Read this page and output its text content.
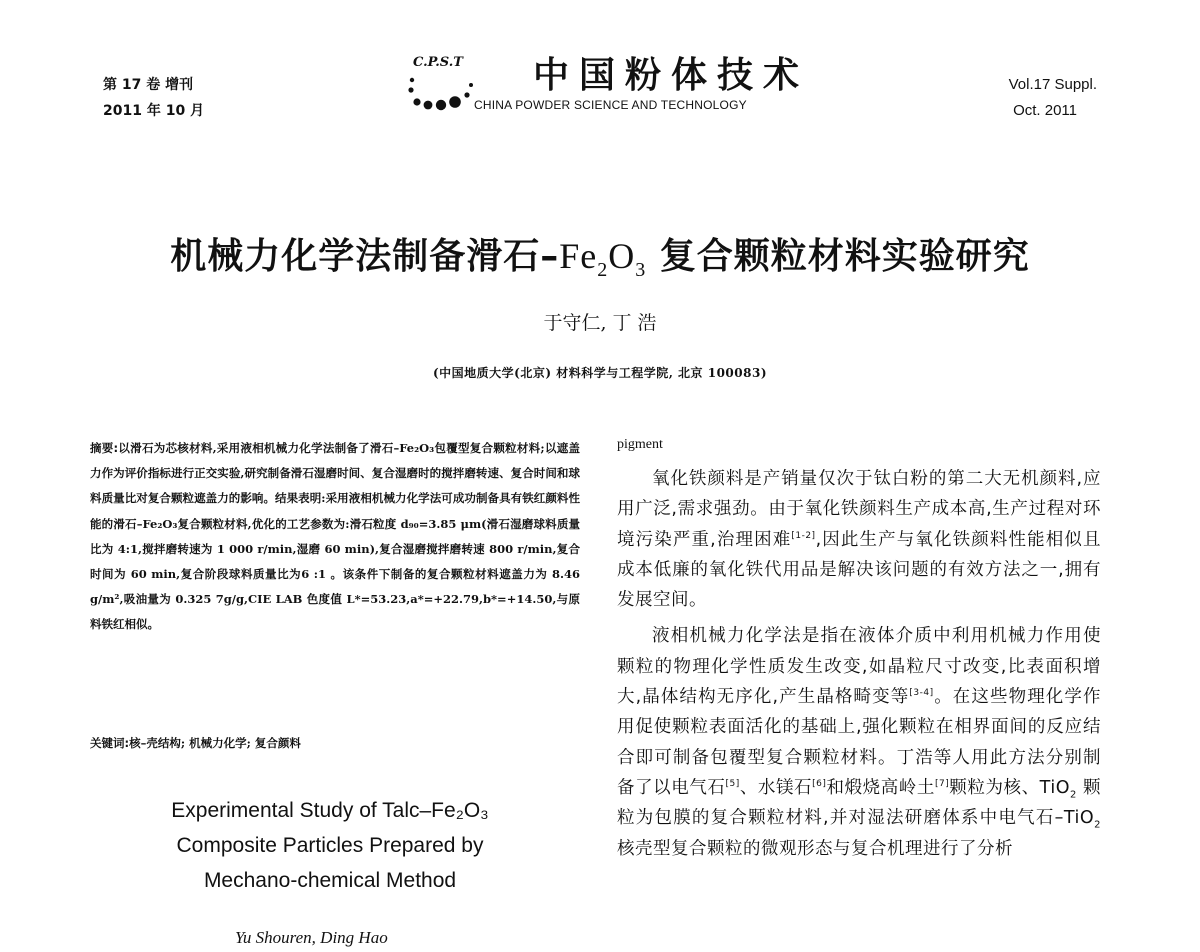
第 17 卷 增刊
2011 年 10 月
C.P.S.T 中国粉体技术
CHINA POWDER SCIENCE AND TECHNOLOGY
Vol.17 Suppl.
Oct. 2011
机械力化学法制备滑石$-Fe_2O_3$ 复合颗粒材料实验研究
于守仁, 丁 浩
(中国地质大学(北京) 材料科学与工程学院, 北京 100083)
摘要:以滑石为芯核材料,采用液相机械力化学法制备了滑石–Fe₂O₃包覆型复合颗粒材料;以遮盖力作为评价指标进行正交实验,研究制备滑石湿磨时间、复合湿磨时的搅拌磨转速、复合时间和球料质量比对复合颗粒遮盖力的影响。结果表明:采用液相机械力化学法可成功制备具有铁红颜料性能的滑石–Fe₂O₃复合颗粒材料,优化的工艺参数为:滑石粒度 d₉₀=3.85 μm(滑石湿磨球料质量比为 4:1,搅拌磨转速为 1 000 r/min,湿磨 60 min),复合湿磨搅拌磨转速 800 r/min,复合时间为 60 min,复合阶段球料质量比为6 :1 。该条件下制备的复合颗粒材料遮盖力为 8.46 g/m²,吸油量为 0.325 7g/g,CIE LAB 色度值 L*=53.23,a*=+22.79,b*=+14.50,与原料铁红相似。
关键词:核–壳结构; 机械力化学; 复合颜料
Experimental Study of Talc–Fe₂O₃
Composite Particles Prepared by
Mechano-chemical Method
Yu Shouren, Ding Hao
pigment

氧化铁颜料是产销量仅次于钛白粉的第二大无机颜料,应用广泛,需求强劲。由于氧化铁颜料生产成本高,生产过程对环境污染严重,治理困难[1-2],因此生产与氧化铁颜料性能相似且成本低廉的氧化铁代用品是解决该问题的有效方法之一,拥有发展空间。

液相机械力化学法是指在液体介质中利用机械力作用使颗粒的物理化学性质发生改变,如晶粒尺寸改变,比表面积增大,晶体结构无序化,产生晶格畸变等[3-4]。在这些物理化学作用促使颗粒表面活化的基础上,强化颗粒在相界面间的反应结合即可制备包覆型复合颗粒材料。丁浩等人用此方法分别制备了以电气石[5]、水镁石[6]和煅烧高岭土[7]颗粒为核、TiO$_2$ 颗粒为包膜的复合颗粒材料,并对湿法研磨体系中电气石–TiO$_2$ 核壳型复合颗粒的微观形态与复合机理进行了分析
